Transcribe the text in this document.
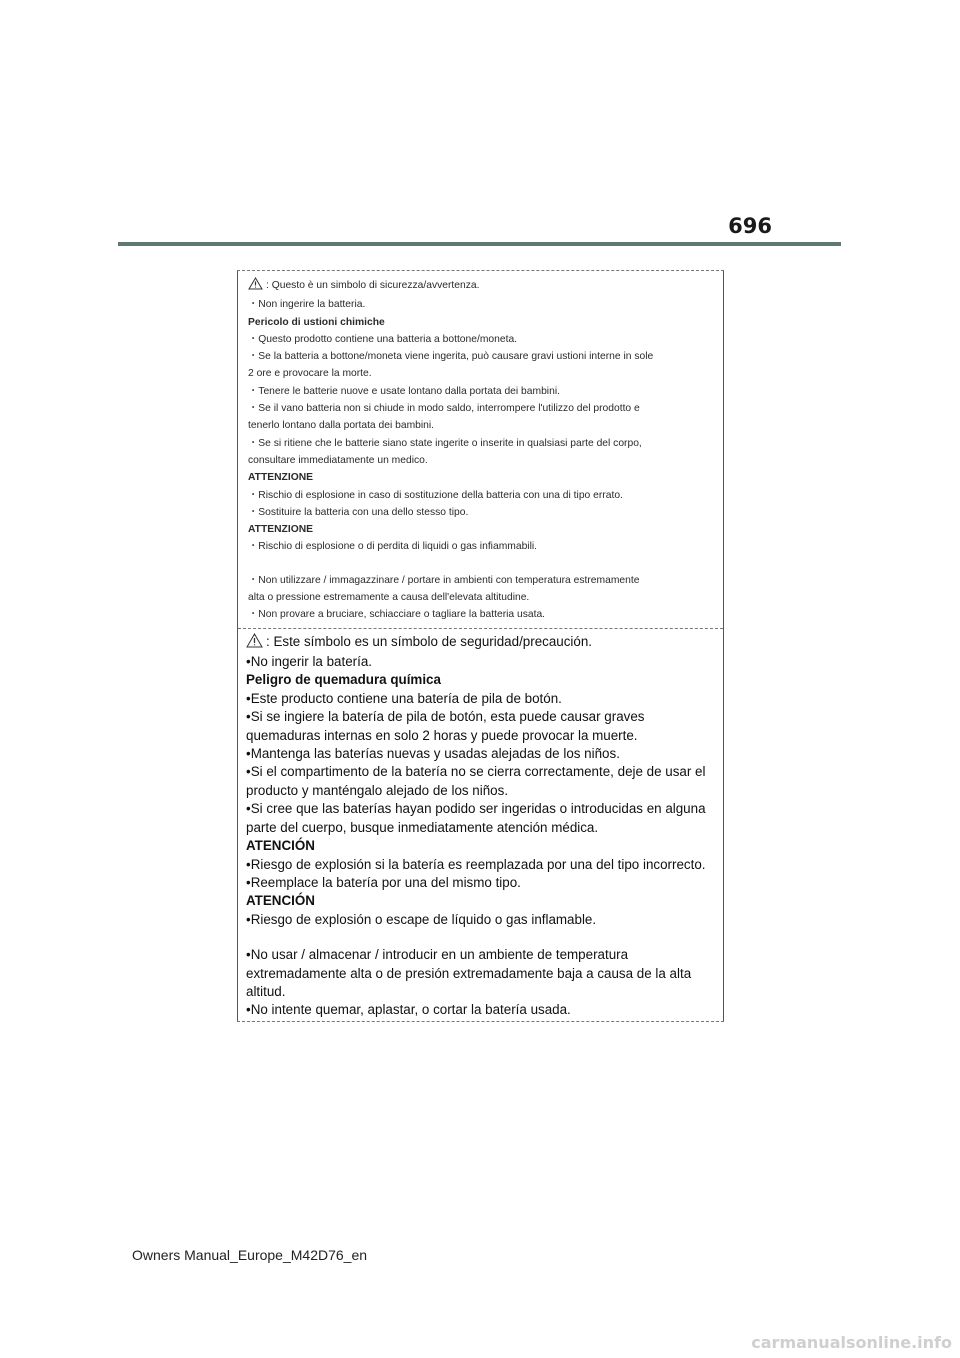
696
: Questo è un simbolo di sicurezza/avvertenza.
・Non ingerire la batteria.
Pericolo di ustioni chimiche
・Questo prodotto contiene una batteria a bottone/moneta.
・Se la batteria a bottone/moneta viene ingerita, può causare gravi ustioni interne in sole
2 ore e provocare la morte.
・Tenere le batterie nuove e usate lontano dalla portata dei bambini.
・Se il vano batteria non si chiude in modo saldo, interrompere l'utilizzo del prodotto e
tenerlo lontano dalla portata dei bambini.
・Se si ritiene che le batterie siano state ingerite o inserite in qualsiasi parte del corpo,
consultare immediatamente un medico.
ATTENZIONE
・Rischio di esplosione in caso di sostituzione della batteria con una di tipo errato.
・Sostituire la batteria con una dello stesso tipo.
ATTENZIONE
・Rischio di esplosione o di perdita di liquidi o gas infiammabili.
・Non utilizzare / immagazzinare / portare in ambienti con temperatura estremamente
alta o pressione estremamente a causa dell'elevata altitudine.
・Non provare a bruciare, schiacciare o tagliare la batteria usata.
: Este símbolo es un símbolo de seguridad/precaución.
•No ingerir la batería.
Peligro de quemadura química
•Este producto contiene una batería de pila de botón.
•Si se ingiere la batería de pila de botón, esta puede causar graves
quemaduras internas en solo 2 horas y puede provocar la muerte.
•Mantenga las baterías nuevas y usadas alejadas de los niños.
•Si el compartimento de la batería no se cierra correctamente, deje de usar el
producto y manténgalo alejado de los niños.
•Si cree que las baterías hayan podido ser ingeridas o introducidas en alguna
parte del cuerpo, busque inmediatamente atención médica.
ATENCIÓN
•Riesgo de explosión si la batería es reemplazada por una del tipo incorrecto.
•Reemplace la batería por una del mismo tipo.
ATENCIÓN
•Riesgo de explosión o escape de líquido o gas inflamable.
•No usar / almacenar / introducir en un ambiente de temperatura
extremadamente alta o de presión extremadamente baja a causa de la alta
altitud.
•No intente quemar, aplastar, o cortar la batería usada.
Owners Manual_Europe_M42D76_en
carmanualsonline.info
